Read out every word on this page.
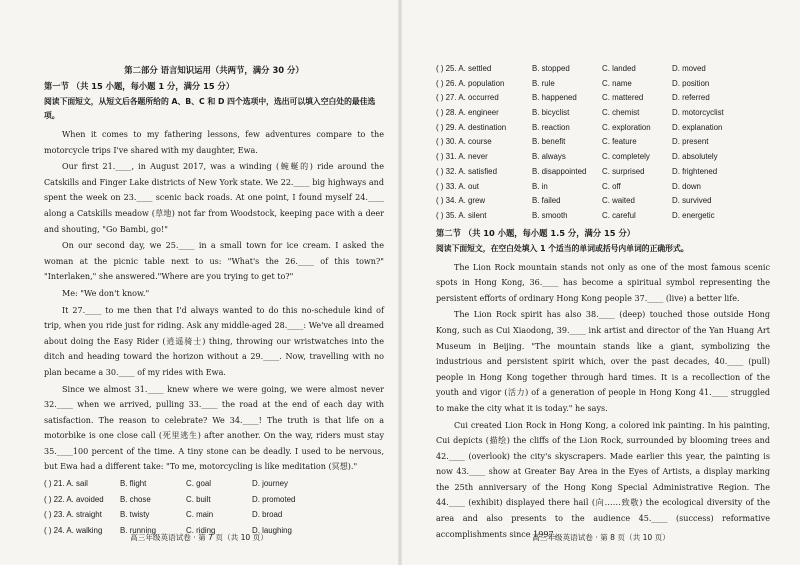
第二部分 语言知识运用（共两节，满分 30 分）
第一节 （共 15 小题，每小题 1 分，满分 15 分）
阅读下面短文，从短文后各题所给的 A、B、C 和 D 四个选项中，选出可以填入空白处的最佳选项。

When it comes to my fathering lessons, few adventures compare to the motorcycle trips I've shared with my daughter, Ewa.

Our first 21.____, in August 2017, was a winding (蜿蜒的) ride around the Catskills and Finger Lake districts of New York state. We 22.____ big highways and spent the week on 23.____ scenic back roads. At one point, I found myself 24.____ along a Catskills meadow (草地) not far from Woodstock, keeping pace with a deer and shouting, "Go Bambi, go!"

On our second day, we 25.____ in a small town for ice cream. I asked the woman at the picnic table next to us: "What's the 26.____ of this town?" "Interlaken," she answered."Where are you trying to get to?"

Me: "We don't know."

It 27.____ to me then that I'd always wanted to do this no-schedule kind of trip, when you ride just for riding. Ask any middle-aged 28.____: We've all dreamed about doing the Easy Rider (逍遥骑士) thing, throwing our wristwatches into the ditch and heading toward the horizon without a 29.____. Now, travelling with no plan became a 30.____ of my rides with Ewa.

Since we almost 31.____ knew where we were going, we were almost never 32.____ when we arrived, pulling 33.____ the road at the end of each day with satisfaction. The reason to celebrate? We 34.____! The truth is that life on a motorbike is one close call (死里逃生) after another. On the way, riders must stay 35.____100 percent of the time. A tiny stone can be deadly. I used to be nervous, but Ewa had a different take: "To me, motorcycling is like meditation (冥想)."

( ) 21. A. sail	B. flight	C. goal	D. journey
( ) 22. A. avoided	B. chose	C. built	D. promoted
( ) 23. A. straight	B. twisty	C. main	D. broad
( ) 24. A. walking	B. running	C. riding	D. laughing
高三年级英语试卷 · 第 7 页（共 10 页）
( ) 25. A. settled	B. stopped	C. landed	D. moved
( ) 26. A. population	B. rule	C. name	D. position
( ) 27. A. occurred	B. happened	C. mattered	D. referred
( ) 28. A. engineer	B. bicyclist	C. chemist	D. motorcyclist
( ) 29. A. destination	B. reaction	C. exploration	D. explanation
( ) 30. A. course	B. benefit	C. feature	D. present
( ) 31. A. never	B. always	C. completely	D. absolutely
( ) 32. A. satisfied	B. disappointed	C. surprised	D. frightened
( ) 33. A. out	B. in	C. off	D. down
( ) 34. A. grew	B. failed	C. waited	D. survived
( ) 35. A. silent	B. smooth	C. careful	D. energetic
第二节 （共 10 小题，每小题 1.5 分，满分 15 分）
阅读下面短文，在空白处填入 1 个适当的单词或括号内单词的正确形式。

The Lion Rock mountain stands not only as one of the most famous scenic spots in Hong Kong, 36.____ has become a spiritual symbol representing the persistent efforts of ordinary Hong Kong people 37.____ (live) a better life.

The Lion Rock spirit has also 38.____ (deep) touched those outside Hong Kong, such as Cui Xiaodong, 39.____ ink artist and director of the Yan Huang Art Museum in Beijing. "The mountain stands like a giant, symbolizing the industrious and persistent spirit which, over the past decades, 40.____ (pull) people in Hong Kong together through hard times. It is a recollection of the youth and vigor (活力) of a generation of people in Hong Kong 41.____ struggled to make the city what it is today." he says.

Cui created Lion Rock in Hong Kong, a colored ink painting. In his painting, Cui depicts (描绘) the cliffs of the Lion Rock, surrounded by blooming trees and 42.____ (overlook) the city's skyscrapers. Made earlier this year, the painting is now 43.____ show at Greater Bay Area in the Eyes of Artists, a display marking the 25th anniversary of the Hong Kong Special Administrative Region. The 44.____ (exhibit) displayed there hail (向……致敬) the ecological diversity of the area and also presents to the audience 45.____ (success) reformative accomplishments since 1997.

高三年级英语试卷 · 第 8 页（共 10 页）
